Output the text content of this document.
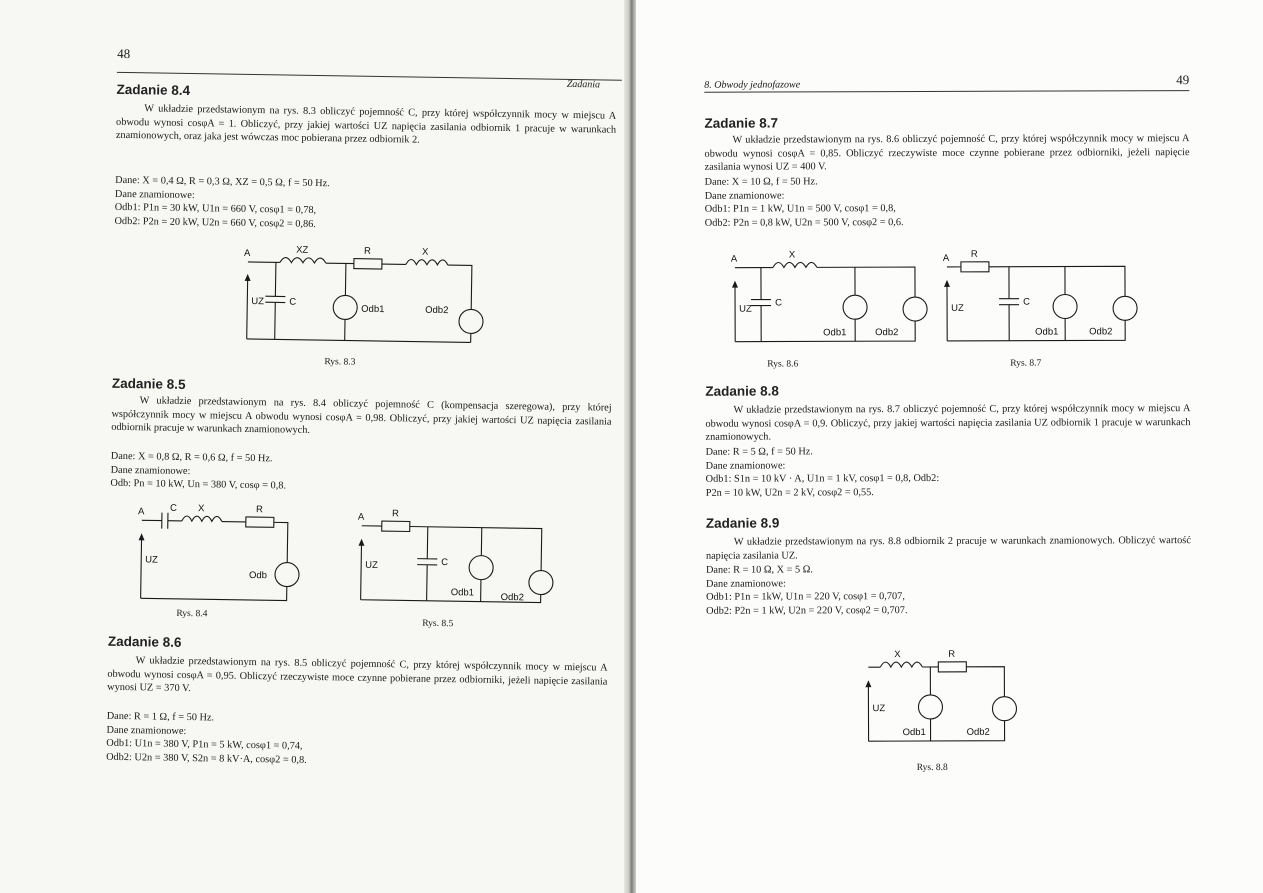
48
Zadania
Zadanie 8.4

W układzie przedstawionym na rys. 8.3 obliczyć pojemność C, przy której współczynnik mocy w miejscu A obwodu wynosi cosφA = 1. Obliczyć, przy jakiej wartości UZ napięcia zasilania odbiornik 1 pracuje w warunkach znamionowych, oraz jaka jest wówczas moc pobierana przez odbiornik 2.

Dane: X = 0,4 Ω, R = 0,3 Ω, XZ = 0,5 Ω, f = 50 Hz.
Dane znamionowe:
Odb1: P1n = 30 kW, U1n = 660 V, cosφ1 = 0,78,
Odb2: P2n = 20 kW, U2n = 660 V, cosφ2 = 0,86.
A	XZ	R	X
UZ	C
Odb1	Odb2
Rys. 8.3
Zadanie 8.5

W układzie przedstawionym na rys. 8.4 obliczyć pojemność C (kompensacja szeregowa), przy której współczynnik mocy w miejscu A obwodu wynosi cosφA = 0,98. Obliczyć, przy jakiej wartości UZ napięcia zasilania odbiornik pracuje w warunkach znamionowych.

Dane: X = 0,8 Ω, R = 0,6 Ω, f = 50 Hz.
Dane znamionowe:
Odb: Pn = 10 kW, Un = 380 V, cosφ = 0,8.
A	C X	R
UZ
Odb
Rys. 8.4
A	R
UZ	C
Odb1	Odb2
Rys. 8.5
Zadanie 8.6

W układzie przedstawionym na rys. 8.5 obliczyć pojemność C, przy której współczynnik mocy w miejscu A obwodu wynosi cosφA = 0,95. Obliczyć rzeczywiste moce czynne pobierane przez odbiorniki, jeżeli napięcie zasilania wynosi UZ = 370 V.

Dane: R = 1 Ω, f = 50 Hz.
Dane znamionowe:
Odb1: U1n = 380 V, P1n = 5 kW, cosφ1 = 0,74,
Odb2: U2n = 380 V, S2n = 8 kV·A, cosφ2 = 0,8.
8. Obwody jednofazowe	49
Zadanie 8.7

W układzie przedstawionym na rys. 8.6 obliczyć pojemność C, przy której współczynnik mocy w miejscu A obwodu wynosi cosφA = 0,85. Obliczyć rzeczywiste moce czynne pobierane przez odbiorniki, jeżeli napięcie zasilania wynosi UZ = 400 V.

Dane: X = 10 Ω, f = 50 Hz.
Dane znamionowe:
Odb1: P1n = 1 kW, U1n = 500 V, cosφ1 = 0,8,
Odb2: P2n = 0,8 kW, U2n = 500 V, cosφ2 = 0,6.
A	X
UZ
C
Odb1	Odb2
Rys. 8.6
A R
UZ
C
Odb1	Odb2
Rys. 8.7
Zadanie 8.8

W układzie przedstawionym na rys. 8.7 obliczyć pojemność C, przy której współczynnik mocy w miejscu A obwodu wynosi cosφA = 0,9. Obliczyć, przy jakiej wartości napięcia zasilania UZ odbiornik 1 pracuje w warunkach znamionowych.

Dane: R = 5 Ω, f = 50 Hz.
Dane znamionowe:
Odb1: S1n = 10 kV · A, U1n = 1 kV, cosφ1 = 0,8, Odb2:
P2n = 10 kW, U2n = 2 kV, cosφ2 = 0,55.
Zadanie 8.9

W układzie przedstawionym na rys. 8.8 odbiornik 2 pracuje w warunkach znamionowych. Obliczyć wartość napięcia zasilania UZ.

Dane: R = 10 Ω, X = 5 Ω.
Dane znamionowe:
Odb1: P1n = 1kW, U1n = 220 V, cosφ1 = 0,707,
Odb2: P2n = 1 kW, U2n = 220 V, cosφ2 = 0,707.
X	R
UZ
Odb1	Odb2
Rys. 8.8
